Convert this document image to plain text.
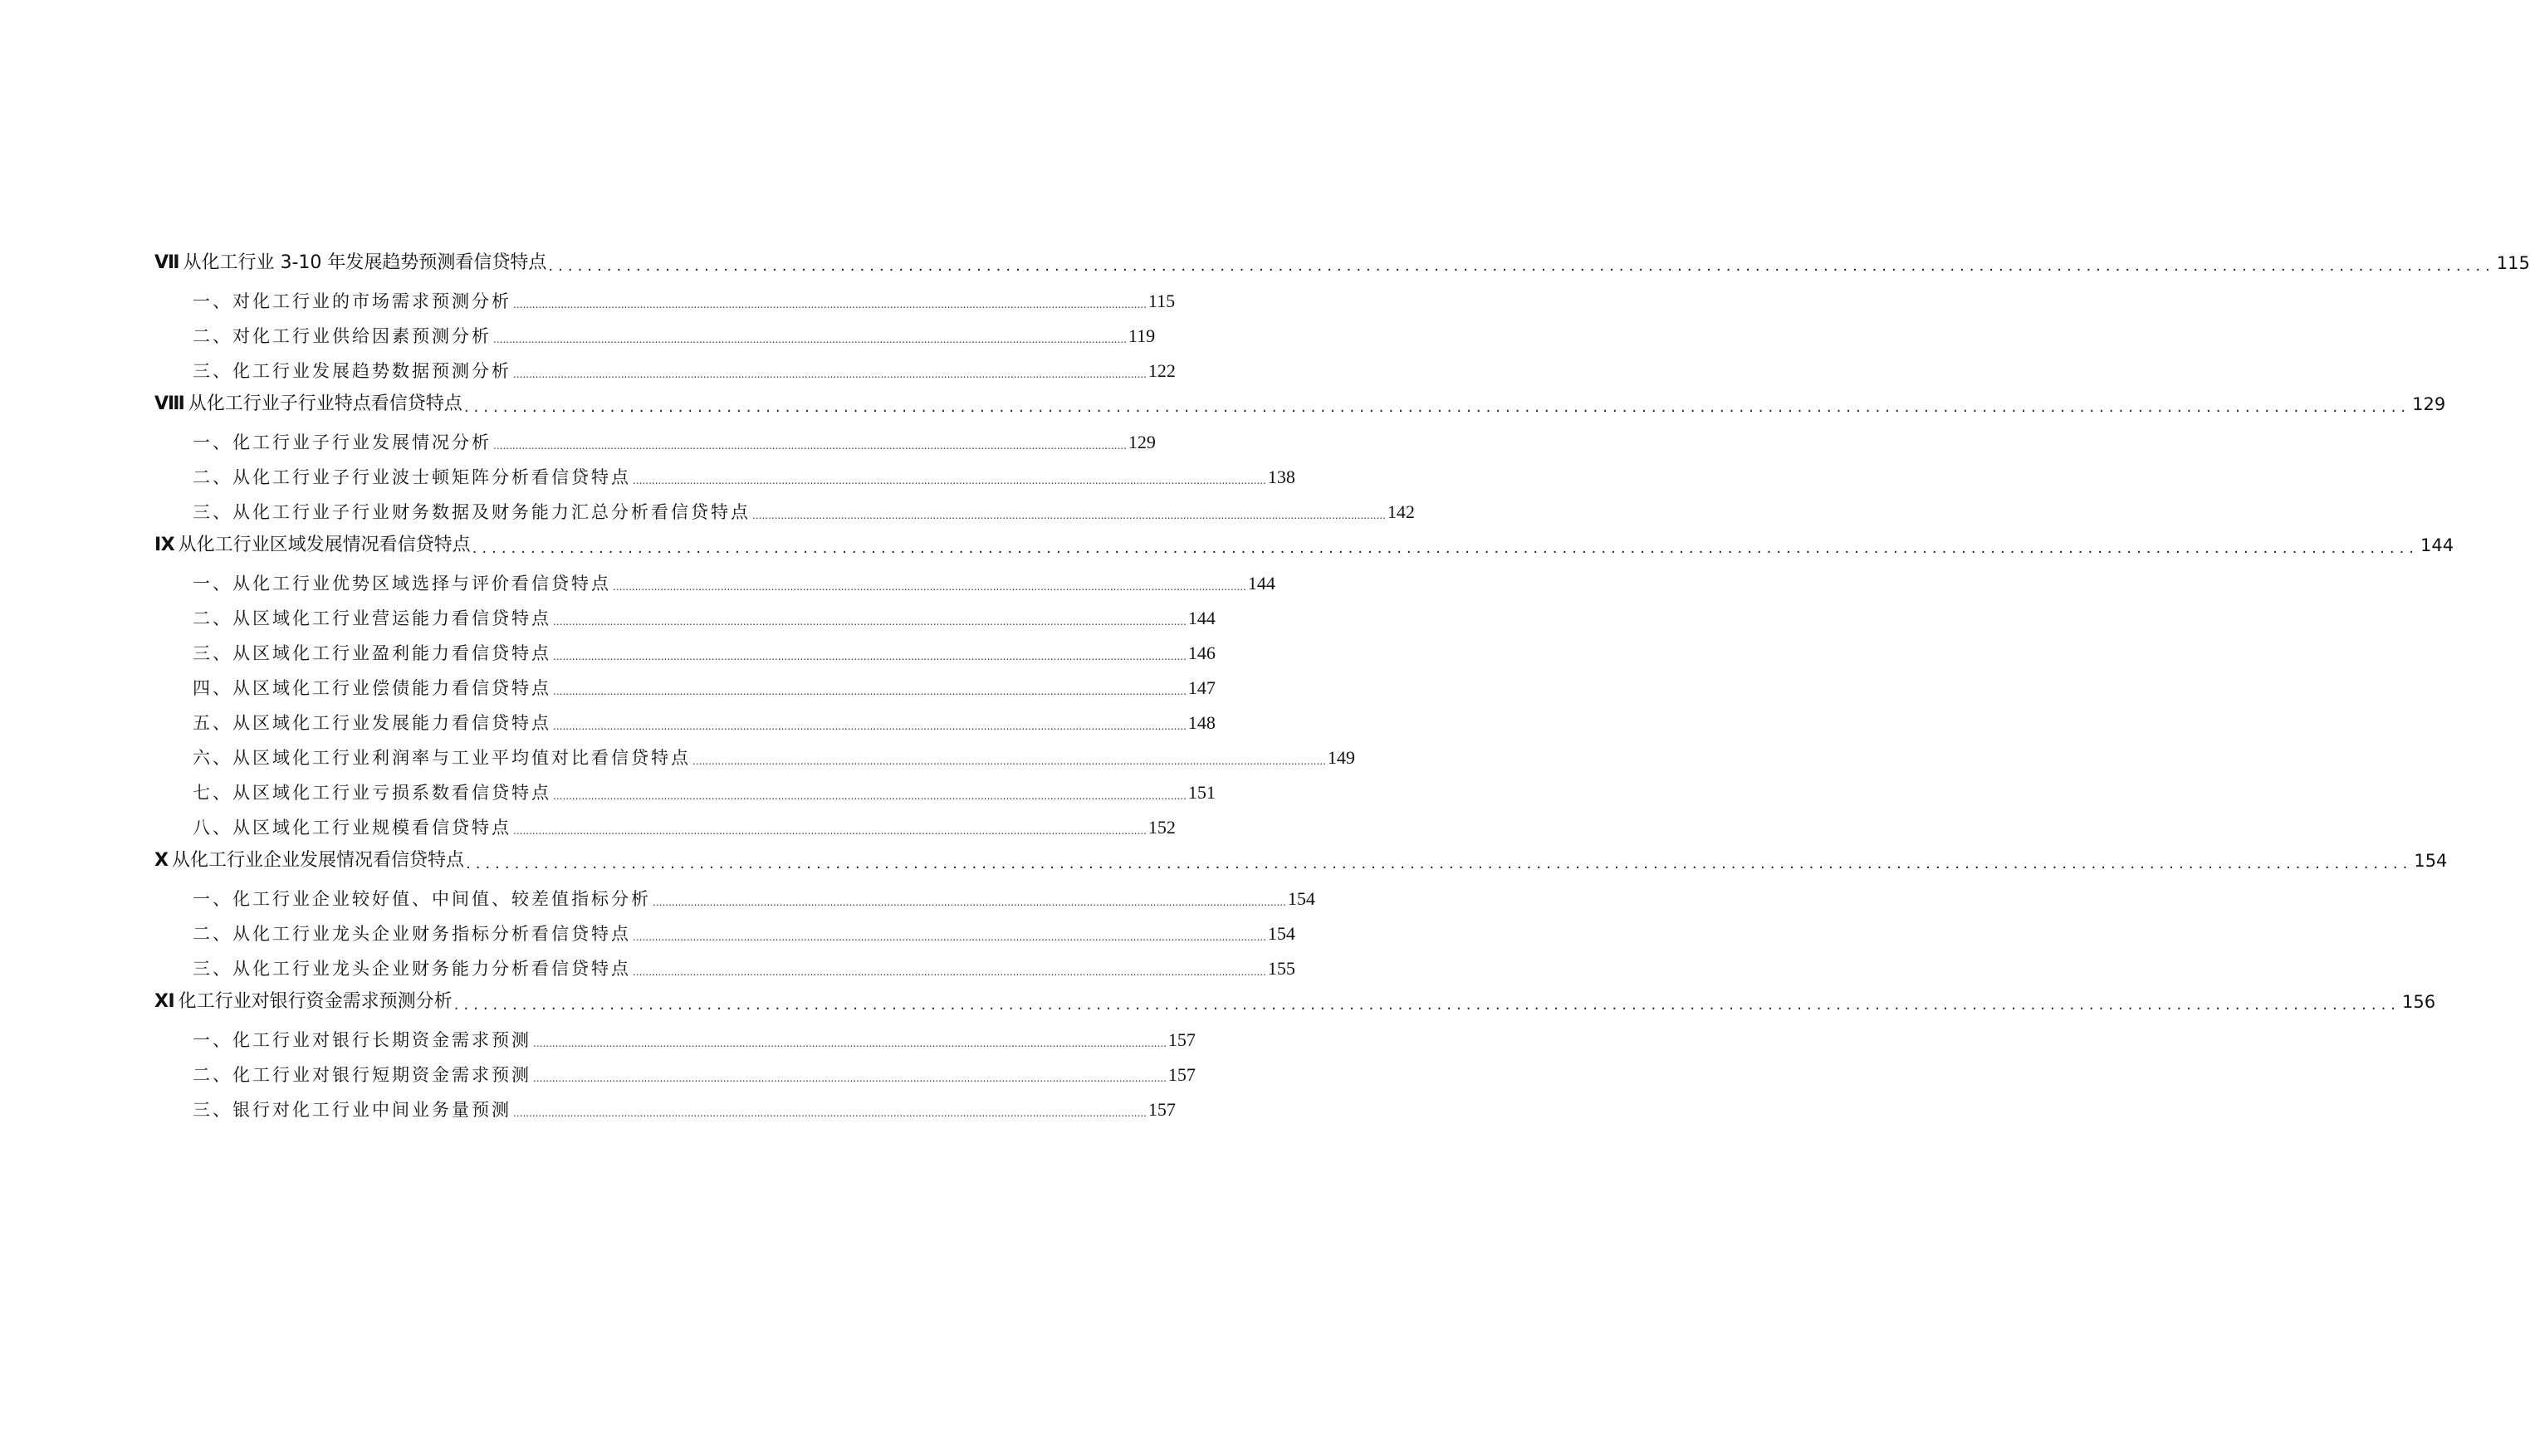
Ⅶ 从化工行业 3-10 年发展趋势预测看信贷特点 ........................................................................................................................................................................................................ 115
一、对化工行业的市场需求预测分析 ........................................................................................................................................................................................................ 115
二、对化工行业供给因素预测分析 ........................................................................................................................................................................................................ 119
三、化工行业发展趋势数据预测分析 ........................................................................................................................................................................................................ 122
Ⅷ 从化工行业子行业特点看信贷特点 ........................................................................................................................................................................................................ 129
一、化工行业子行业发展情况分析 ........................................................................................................................................................................................................ 129
二、从化工行业子行业波士顿矩阵分析看信贷特点 ........................................................................................................................................................................................................ 138
三、从化工行业子行业财务数据及财务能力汇总分析看信贷特点 ........................................................................................................................................................................................................ 142
Ⅸ 从化工行业区域发展情况看信贷特点 ........................................................................................................................................................................................................ 144
一、从化工行业优势区域选择与评价看信贷特点 ........................................................................................................................................................................................................ 144
二、从区域化工行业营运能力看信贷特点 ........................................................................................................................................................................................................ 144
三、从区域化工行业盈利能力看信贷特点 ........................................................................................................................................................................................................ 146
四、从区域化工行业偿债能力看信贷特点 ........................................................................................................................................................................................................ 147
五、从区域化工行业发展能力看信贷特点 ........................................................................................................................................................................................................ 148
六、从区域化工行业利润率与工业平均值对比看信贷特点 ........................................................................................................................................................................................................ 149
七、从区域化工行业亏损系数看信贷特点 ........................................................................................................................................................................................................ 151
八、从区域化工行业规模看信贷特点 ........................................................................................................................................................................................................ 152
Ⅹ 从化工行业企业发展情况看信贷特点 ........................................................................................................................................................................................................ 154
一、化工行业企业较好值、中间值、较差值指标分析 ........................................................................................................................................................................................................ 154
二、从化工行业龙头企业财务指标分析看信贷特点 ........................................................................................................................................................................................................ 154
三、从化工行业龙头企业财务能力分析看信贷特点 ........................................................................................................................................................................................................ 155
Ⅺ 化工行业对银行资金需求预测分析 ........................................................................................................................................................................................................ 156
一、化工行业对银行长期资金需求预测 ........................................................................................................................................................................................................ 157
二、化工行业对银行短期资金需求预测 ........................................................................................................................................................................................................ 157
三、银行对化工行业中间业务量预测 ........................................................................................................................................................................................................ 157
